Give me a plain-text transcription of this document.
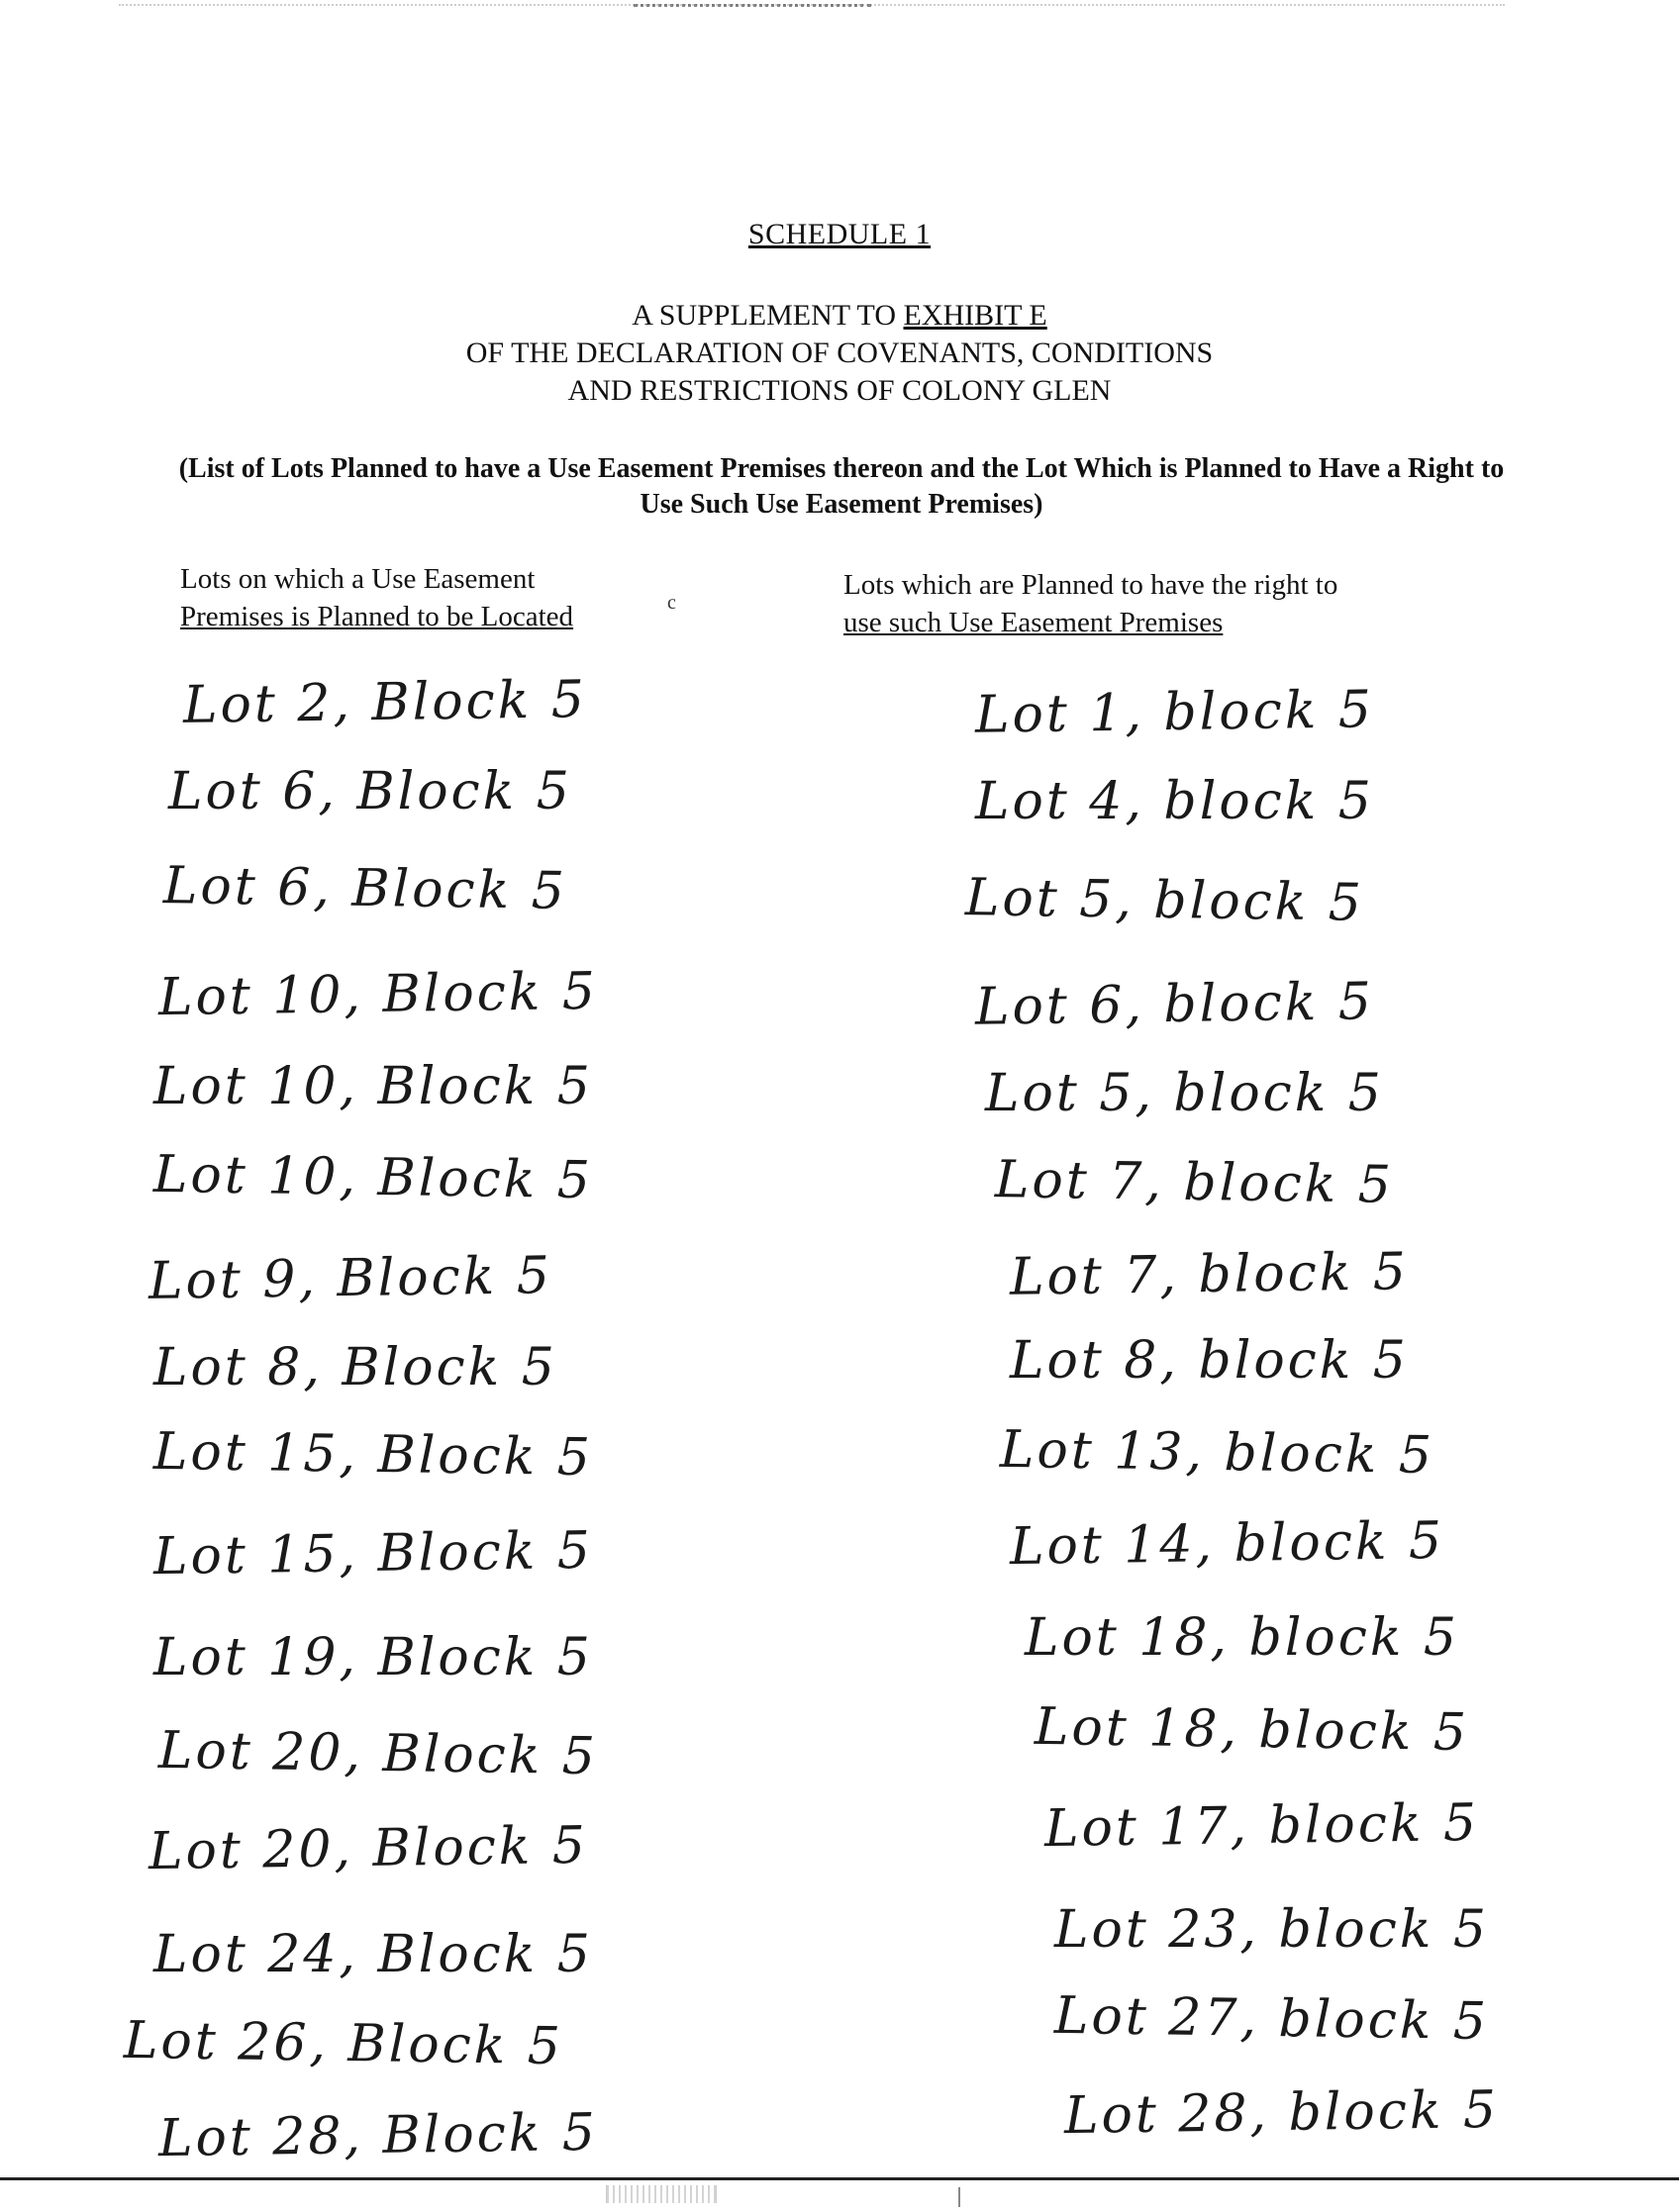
SCHEDULE 1
A SUPPLEMENT TO EXHIBIT E
OF THE DECLARATION OF COVENANTS, CONDITIONS
AND RESTRICTIONS OF COLONY GLEN
(List of Lots Planned to have a Use Easement Premises thereon and the Lot Which is Planned to Have a Right to Use Such Use Easement Premises)
Lots on which a Use Easement
Premises is Planned to be Located	c
Lots which are Planned to have the right to
use such Use Easement Premises
Lot 2, Block 5
Lot 6, Block 5
Lot 6, Block 5
Lot 10, Block 5
Lot 10, Block 5
Lot 10, Block 5
Lot 9, Block 5
Lot 8, Block 5
Lot 15, Block 5
Lot 15, Block 5
Lot 19, Block 5
Lot 20, Block 5
Lot 20, Block 5
Lot 24, Block 5
Lot 26, Block 5
Lot 28, Block 5
Lot 1, block 5
Lot 4, block 5
Lot 5, block 5
Lot 6, block 5
Lot 5, block 5
Lot 7, block 5
Lot 7, block 5
Lot 8, block 5
Lot 13, block 5
Lot 14, block 5
Lot 18, block 5
Lot 18, block 5
Lot 17, block 5
Lot 23, block 5
Lot 27, block 5
Lot 28, block 5
